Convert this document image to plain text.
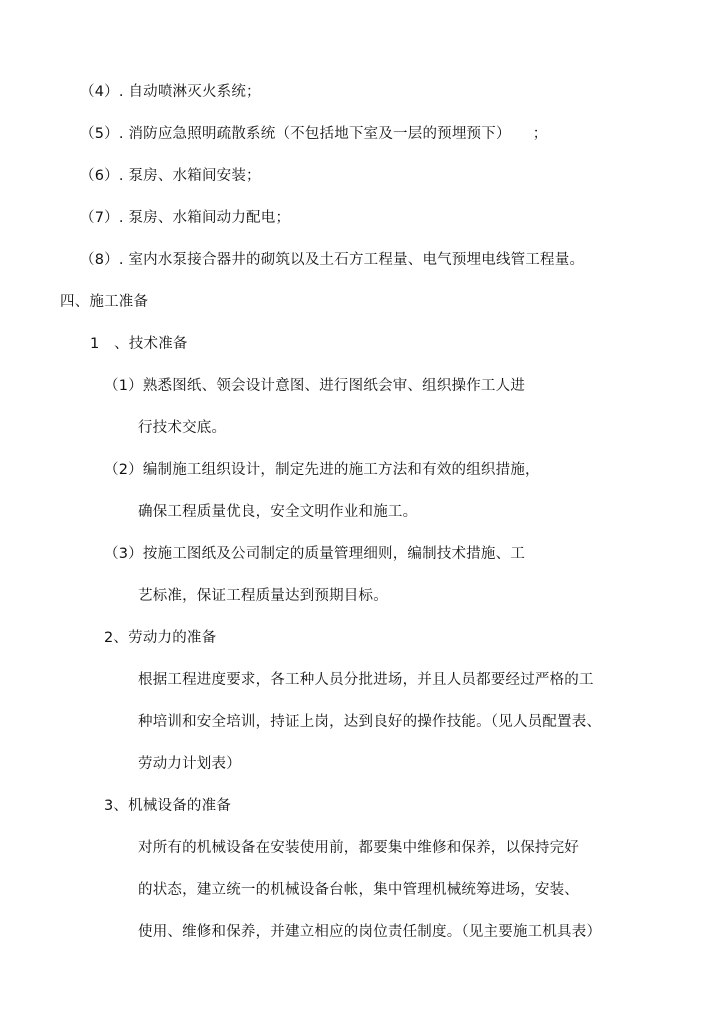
（4）. 自动喷淋灭火系统；
（5）. 消防应急照明疏散系统（不包括地下室及一层的预埋预下）　　；
（6）. 泵房、水箱间安装；
（7）. 泵房、水箱间动力配电；
（8）. 室内水泵接合器井的砌筑以及土石方工程量、电气预埋电线管工程量。
四、施工准备
1　、技术准备
（1）熟悉图纸、领会设计意图、进行图纸会审、组织操作工人进
行技术交底。
（2）编制施工组织设计，制定先进的施工方法和有效的组织措施，
确保工程质量优良，安全文明作业和施工。
（3）按施工图纸及公司制定的质量管理细则，编制技术措施、工
艺标准，保证工程质量达到预期目标。
2、劳动力的准备
根据工程进度要求，各工种人员分批进场，并且人员都要经过严格的工
种培训和安全培训，持证上岗，达到良好的操作技能。（见人员配置表、
劳动力计划表）
3、机械设备的准备
对所有的机械设备在安装使用前，都要集中维修和保养，以保持完好
的状态，建立统一的机械设备台帐，集中管理机械统筹进场，安装、
使用、维修和保养，并建立相应的岗位责任制度。（见主要施工机具表）
